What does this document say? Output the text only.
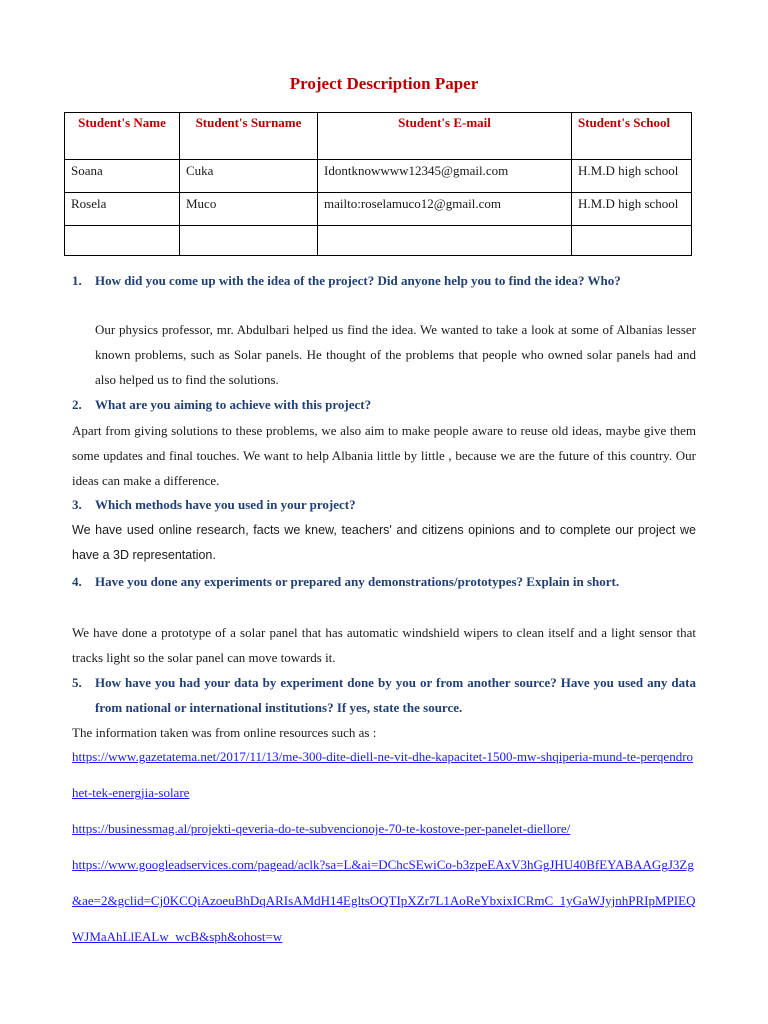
Project Description Paper
Student's Name	Student's Surname	Student's E-mail	Student's School
Soana	Cuka	Idontknowwww12345@gmail.com	H.M.D high school
Rosela	Muco	mailto:roselamuco12@gmail.com	H.M.D high school

1.	How did you come up with the idea of the project? Did anyone help you to find the idea? Who?
Our physics professor, mr. Abdulbari helped us find the idea. We wanted to take a look at some of Albanias lesser known problems, such as Solar panels. He thought of the problems that people who owned solar panels had and also helped us to find the solutions.
2.	What are you aiming to achieve with this project?
Apart from giving solutions to these problems, we also aim to make people aware to reuse old ideas, maybe give them some updates and final touches. We want to help Albania little by little , because we are the future of this country. Our ideas can make a difference.
3.	Which methods have you used in your project?
We have used online research, facts we knew, teachers' and citizens opinions and to complete our project we have a 3D representation.
4.	Have you done any experiments or prepared any demonstrations/prototypes? Explain in short.
We have done a prototype of a solar panel that has automatic windshield wipers to clean itself and a light sensor that tracks light so the solar panel can move towards it.
5.	How have you had your data by experiment done by you or from another source? Have you used any data from national or international institutions? If yes, state the source.
The information taken was from online resources such as :
https://www.gazetatema.net/2017/11/13/me-300-dite-diell-ne-vit-dhe-kapacitet-1500-mw-shqiperia-mund-te-perqendrohet-tek-energjia-solare
https://businessmag.al/projekti-qeveria-do-te-subvencionoje-70-te-kostove-per-panelet-diellore/
https://www.googleadservices.com/pagead/aclk?sa=L&ai=DChcSEwiCo-b3zpeEAxV3hGgJHU40BfEYABAAGgJ3Zg&ae=2&gclid=Cj0KCQiAzoeuBhDqARIsAMdH14EgltsOQTIpXZr7L1AoReYbxixICRmC_1yGaWJyjnhPRIpMPIEQWJMaAhLlEALw_wcB&sph&ohost=w
